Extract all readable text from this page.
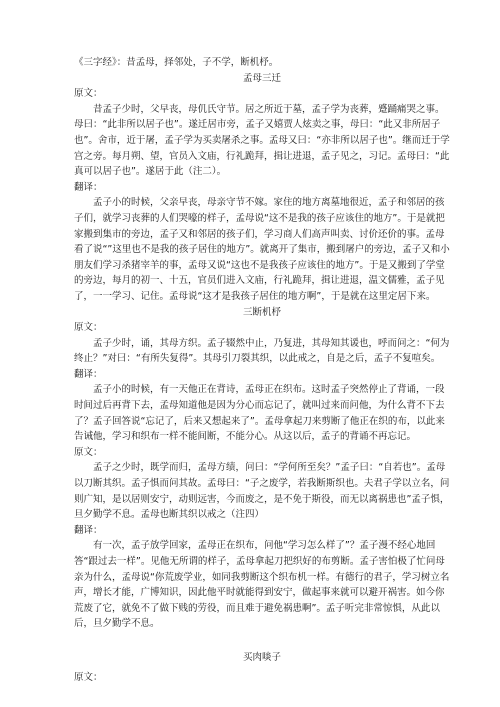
《三字经》：昔孟母，择邻处，子不学，断机杼。
孟母三迁
原文：
昔孟子少时，父早丧，母仉氏守节。居之所近于墓，孟子学为丧葬，蹙踊痛哭之事。母曰：“此非所以居子也”。遂迁居市旁，孟子又嬉贾人炫卖之事，母曰：“此又非所居子也”。舍市，近于屠，孟子学为买卖屠杀之事。孟母又曰：“亦非所以居子也”。继而迁于学宫之旁。每月朔、望，官员入文庙，行礼跪拜，揖让进退，孟子见之，习记。孟母曰：“此真可以居子也”。遂居于此（注二）。
翻译：
孟子小的时候，父亲早丧，母亲守节不嫁。家住的地方离墓地很近，孟子和邻居的孩子们，就学习丧葬的人们哭嚎的样子，孟母说“这不是我的孩子应该住的地方”。于是就把家搬到集市的旁边，孟子又和邻居的孩子们，学习商人们高声叫卖、讨价还价的事。孟母看了说“”这里也不是我的孩子居住的地方”。就离开了集市，搬到屠户的旁边，孟子又和小朋友们学习杀猪宰羊的事，孟母又说“这也不是我孩子应该住的地方”。于是又搬到了学堂的旁边，每月的初一、十五，官员们进入文庙，行礼跪拜，揖让进退，温文儒雅，孟子见了，一一学习、记住。孟母说“这才是我孩子居住的地方啊”，于是就在这里定居下来。
三断机杼
原文：
孟子少时，诵，其母方织。孟子辍然中止，乃复进，其母知其谖也，呼而问之：“何为终止？”对曰：“有所失复得”。其母引刀裂其织，以此戒之，自是之后，孟子不复喧矣。
翻译：
孟子小的时候，有一天他正在背诗，孟母正在织布。这时孟子突然停止了背诵，一段时间过后再背下去，孟母知道他是因为分心而忘记了，就叫过来而问他，为什么背不下去了？孟子回答说“忘记了，后来又想起来了”。孟母拿起刀来剪断了他正在织的布，以此来告诫他，学习和织布一样不能间断，不能分心。从这以后，孟子的背诵不再忘记。
原文：
孟子之少时，既学而归，孟母方绩，问曰：“学何所至矣？”孟子曰：“自若也”。孟母以刀断其织。孟子惧而问其故。孟母曰：“子之废学，若我断斯织也。夫君子学以立名，问则广知，是以居则安宁，动则远害，今而废之，是不免于斯役，而无以离祸患也”孟子惧，旦夕勤学不息。孟母也断其织以戒之（注四）
翻译：
有一次，孟子放学回家，孟母正在织布，问他“学习怎么样了”？孟子漫不经心地回答“跟过去一样”。见他无所谓的样子，孟母拿起刀把织好的布剪断。孟子害怕极了忙问母亲为什么，孟母说“你荒废学业，如同我剪断这个织布机一样。有德行的君子，学习树立名声，增长才能，广博知识，因此他平时就能得到安宁，做起事来就可以避开祸害。如今你荒废了它，就免不了做下贱的劳役，而且难于避免祸患啊”。孟子听完非常惊惧，从此以后，旦夕勤学不息。
买肉啖子
原文：
